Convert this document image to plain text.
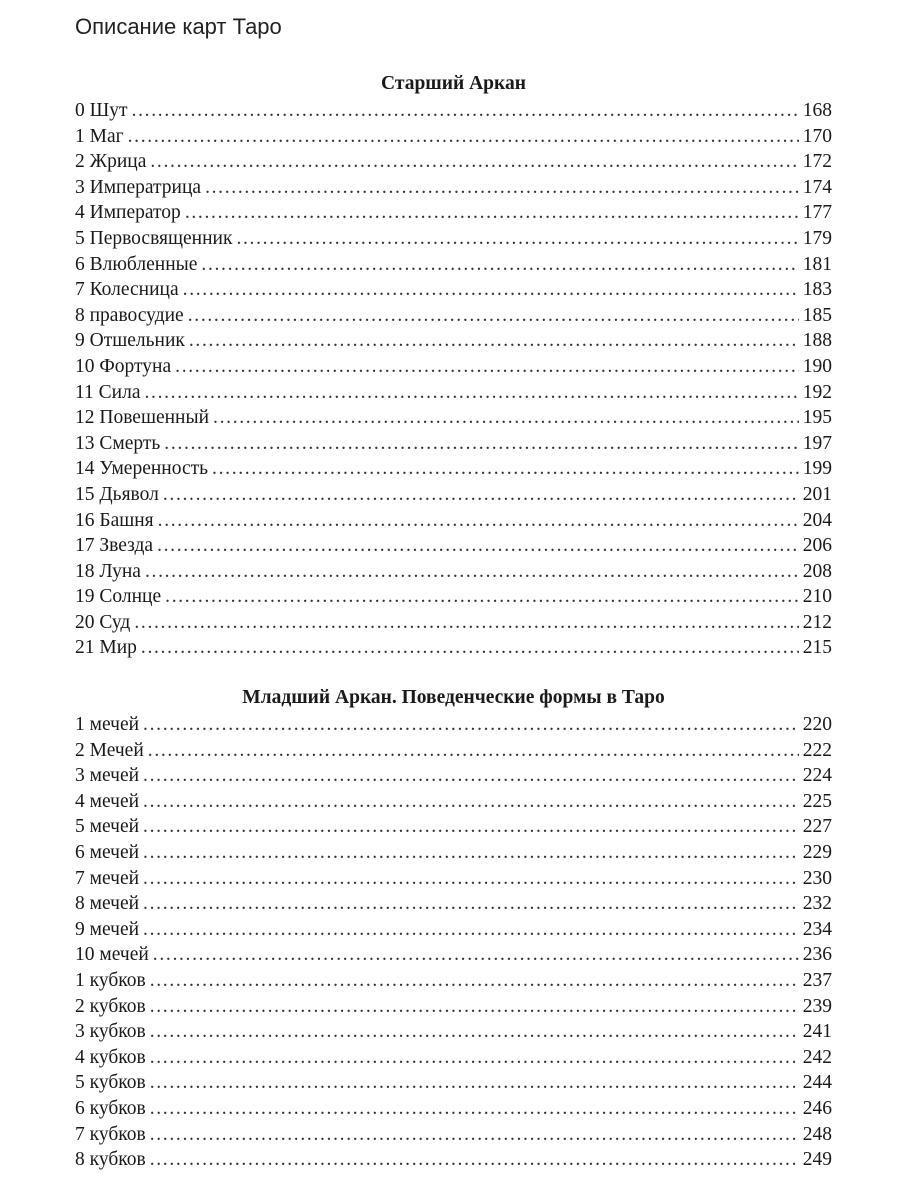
Описание карт Таро
Старший Аркан
0 Шут . . .	168
1 Маг . . .	170
2 Жрица . . .	172
3 Императрица . . .	174
4 Император . . .	177
5 Первосвященник . . .	179
6 Влюбленные . . .	181
7 Колесница . . .	183
8 правосудие . . .	185
9 Отшельник . . .	188
10 Фортуна . . .	190
11 Сила . . .	192
12 Повешенный . . .	195
13 Смерть . . .	197
14 Умеренность . . .	199
15 Дьявол . . .	201
16 Башня . . .	204
17 Звезда . . .	206
18 Луна . . .	208
19 Солнце . . .	210
20 Суд . . .	212
21 Мир . . .	215
Младший Аркан. Поведенческие формы в Таро
1 мечей . . .	220
2 Мечей . . .	222
3 мечей . . .	224
4 мечей . . .	225
5 мечей . . .	227
6 мечей . . .	229
7 мечей . . .	230
8 мечей . . .	232
9 мечей . . .	234
10 мечей . . .	236
1 кубков . . .	237
2 кубков . . .	239
3 кубков . . .	241
4 кубков . . .	242
5 кубков . . .	244
6 кубков . . .	246
7 кубков . . .	248
8 кубков . . .	249
